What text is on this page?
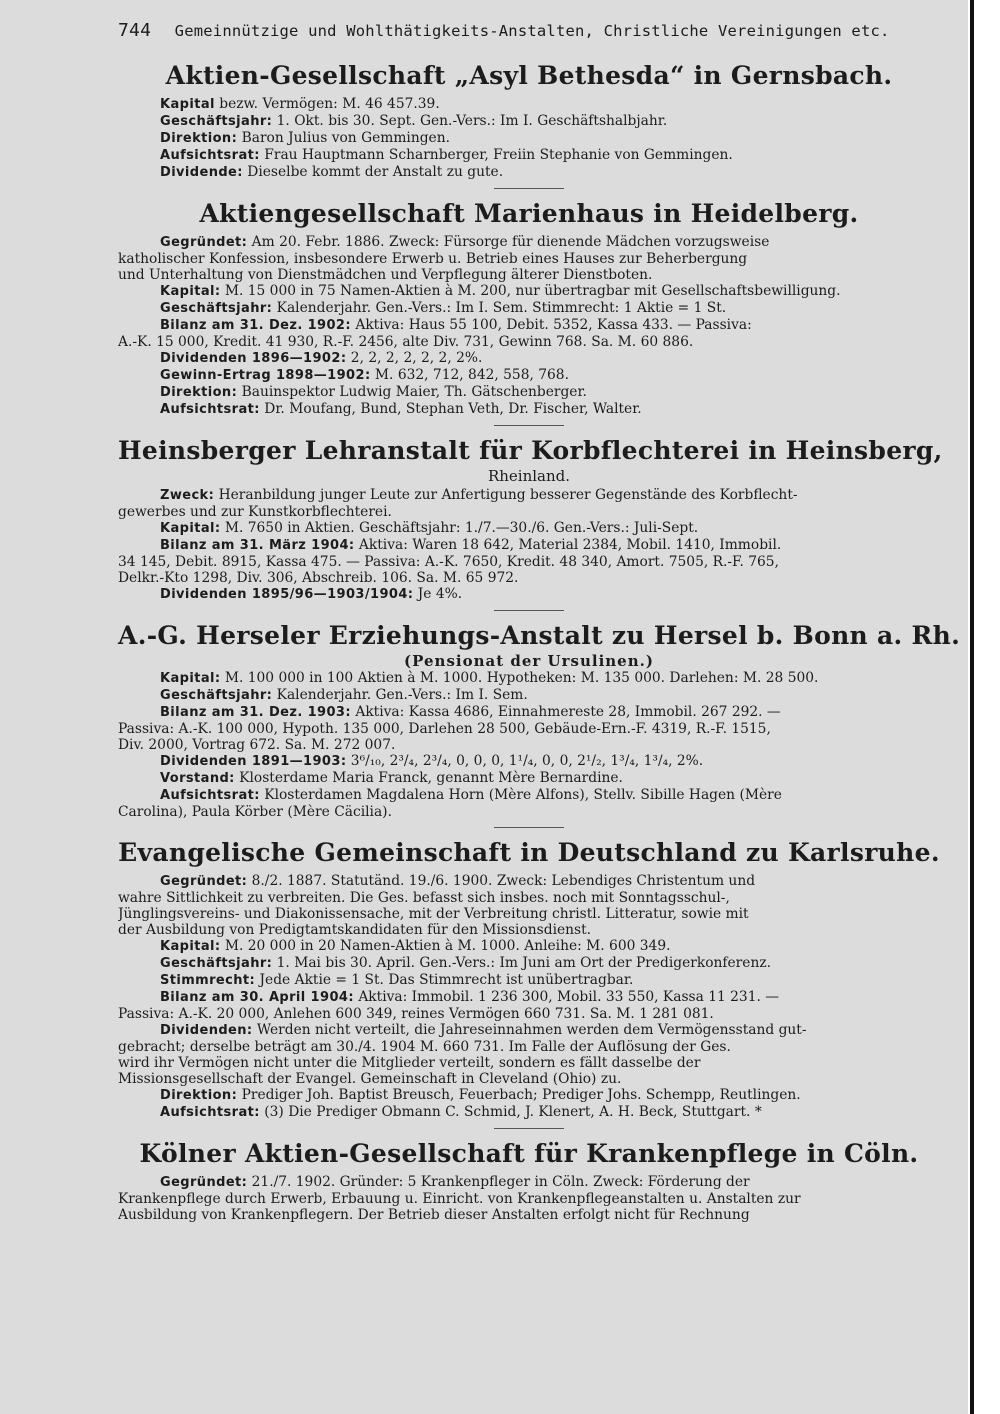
744 Gemeinnützige und Wohlthätigkeits-Anstalten, Christliche Vereinigungen etc.
Aktien-Gesellschaft „Asyl Bethesda“ in Gernsbach.
Kapital bezw. Vermögen: M. 46 457.39.
Geschäftsjahr: 1. Okt. bis 30. Sept. Gen.-Vers.: Im I. Geschäftshalbjahr.
Direktion: Baron Julius von Gemmingen.
Aufsichtsrat: Frau Hauptmann Scharnberger, Freiin Stephanie von Gemmingen.
Dividende: Dieselbe kommt der Anstalt zu gute.
Aktiengesellschaft Marienhaus in Heidelberg.
Gegründet: Am 20. Febr. 1886. Zweck: Fürsorge für dienende Mädchen vorzugsweise
katholischer Konfession, insbesondere Erwerb u. Betrieb eines Hauses zur Beherbergung
und Unterhaltung von Dienstmädchen und Verpflegung älterer Dienstboten.
Kapital: M. 15 000 in 75 Namen-Aktien à M. 200, nur übertragbar mit Gesellschaftsbewilligung.
Geschäftsjahr: Kalenderjahr. Gen.-Vers.: Im I. Sem. Stimmrecht: 1 Aktie = 1 St.
Bilanz am 31. Dez. 1902: Aktiva: Haus 55 100, Debit. 5352, Kassa 433. — Passiva:
A.-K. 15 000, Kredit. 41 930, R.-F. 2456, alte Div. 731, Gewinn 768. Sa. M. 60 886.
Dividenden 1896—1902: 2, 2, 2, 2, 2, 2, 2%.
Gewinn-Ertrag 1898—1902: M. 632, 712, 842, 558, 768.
Direktion: Bauinspektor Ludwig Maier, Th. Gätschenberger.
Aufsichtsrat: Dr. Moufang, Bund, Stephan Veth, Dr. Fischer, Walter.
Heinsberger Lehranstalt für Korbflechterei in Heinsberg,
Rheinland.
Zweck: Heranbildung junger Leute zur Anfertigung besserer Gegenstände des Korbflecht-
gewerbes und zur Kunstkorbflechterei.
Kapital: M. 7650 in Aktien. Geschäftsjahr: 1./7.—30./6. Gen.-Vers.: Juli-Sept.
Bilanz am 31. März 1904: Aktiva: Waren 18 642, Material 2384, Mobil. 1410, Immobil.
34 145, Debit. 8915, Kassa 475. — Passiva: A.-K. 7650, Kredit. 48 340, Amort. 7505, R.-F. 765,
Delkr.-Kto 1298, Div. 306, Abschreib. 106. Sa. M. 65 972.
Dividenden 1895/96—1903/1904: Je 4%.
A.-G. Herseler Erziehungs-Anstalt zu Hersel b. Bonn a. Rh.
(Pensionat der Ursulinen.)
Kapital: M. 100 000 in 100 Aktien à M. 1000. Hypotheken: M. 135 000. Darlehen: M. 28 500.
Geschäftsjahr: Kalenderjahr. Gen.-Vers.: Im I. Sem.
Bilanz am 31. Dez. 1903: Aktiva: Kassa 4686, Einnahmereste 28, Immobil. 267 292. —
Passiva: A.-K. 100 000, Hypoth. 135 000, Darlehen 28 500, Gebäude-Ern.-F. 4319, R.-F. 1515,
Div. 2000, Vortrag 672. Sa. M. 272 007.
Dividenden 1891—1903: 3⁶/₁₀, 2³/₄, 2³/₄, 0, 0, 0, 1¹/₄, 0, 0, 2¹/₂, 1³/₄, 1³/₄, 2%.
Vorstand: Klosterdame Maria Franck, genannt Mère Bernardine.
Aufsichtsrat: Klosterdamen Magdalena Horn (Mère Alfons), Stellv. Sibille Hagen (Mère
Carolina), Paula Körber (Mère Cäcilia).
Evangelische Gemeinschaft in Deutschland zu Karlsruhe.
Gegründet: 8./2. 1887. Statutänd. 19./6. 1900. Zweck: Lebendiges Christentum und
wahre Sittlichkeit zu verbreiten. Die Ges. befasst sich insbes. noch mit Sonntagsschul-,
Jünglingsvereins- und Diakonissensache, mit der Verbreitung christl. Litteratur, sowie mit
der Ausbildung von Predigtamtskandidaten für den Missionsdienst.
Kapital: M. 20 000 in 20 Namen-Aktien à M. 1000. Anleihe: M. 600 349.
Geschäftsjahr: 1. Mai bis 30. April. Gen.-Vers.: Im Juni am Ort der Predigerkonferenz.
Stimmrecht: Jede Aktie = 1 St. Das Stimmrecht ist unübertragbar.
Bilanz am 30. April 1904: Aktiva: Immobil. 1 236 300, Mobil. 33 550, Kassa 11 231. —
Passiva: A.-K. 20 000, Anlehen 600 349, reines Vermögen 660 731. Sa. M. 1 281 081.
Dividenden: Werden nicht verteilt, die Jahreseinnahmen werden dem Vermögensstand gut-
gebracht; derselbe beträgt am 30./4. 1904 M. 660 731. Im Falle der Auflösung der Ges.
wird ihr Vermögen nicht unter die Mitglieder verteilt, sondern es fällt dasselbe der
Missionsgesellschaft der Evangel. Gemeinschaft in Cleveland (Ohio) zu.
Direktion: Prediger Joh. Baptist Breusch, Feuerbach; Prediger Johs. Schempp, Reutlingen.
Aufsichtsrat: (3) Die Prediger Obmann C. Schmid, J. Klenert, A. H. Beck, Stuttgart. *
Kölner Aktien-Gesellschaft für Krankenpflege in Cöln.
Gegründet: 21./7. 1902. Gründer: 5 Krankenpfleger in Cöln. Zweck: Förderung der
Krankenpflege durch Erwerb, Erbauung u. Einricht. von Krankenpflegeanstalten u. Anstalten zur
Ausbildung von Krankenpflegern. Der Betrieb dieser Anstalten erfolgt nicht für Rechnung
